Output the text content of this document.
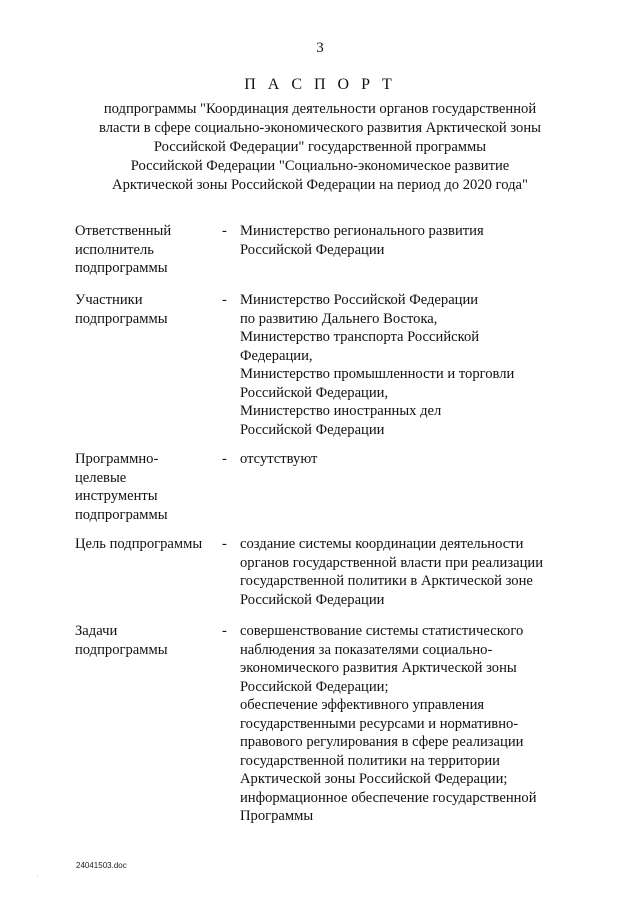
3
П А С П О Р Т
подпрограммы "Координация деятельности органов государственной
власти в сфере социально-экономического развития Арктической зоны
Российской Федерации" государственной программы
Российской Федерации "Социально-экономическое развитие
Арктической зоны Российской Федерации на период до 2020 года"
Ответственный
исполнитель
подпрограммы
- Министерство регионального развития
Российской Федерации
Участники
подпрограммы
- Министерство Российской Федерации
по развитию Дальнего Востока,
Министерство транспорта Российской
Федерации,
Министерство промышленности и торговли
Российской Федерации,
Министерство иностранных дел
Российской Федерации
Программно-
целевые
инструменты
подпрограммы
- отсутствуют
Цель подпрограммы	- создание системы координации деятельности
органов государственной власти при реализации
государственной политики в Арктической зоне
Российской Федерации
Задачи
подпрограммы
- совершенствование системы статистического
наблюдения за показателями социально-
экономического развития Арктической зоны
Российской Федерации;
обеспечение эффективного управления
государственными ресурсами и нормативно-
правового регулирования в сфере реализации
государственной политики на территории
Арктической зоны Российской Федерации;
информационное обеспечение государственной
Программы
.
24041503.doc
